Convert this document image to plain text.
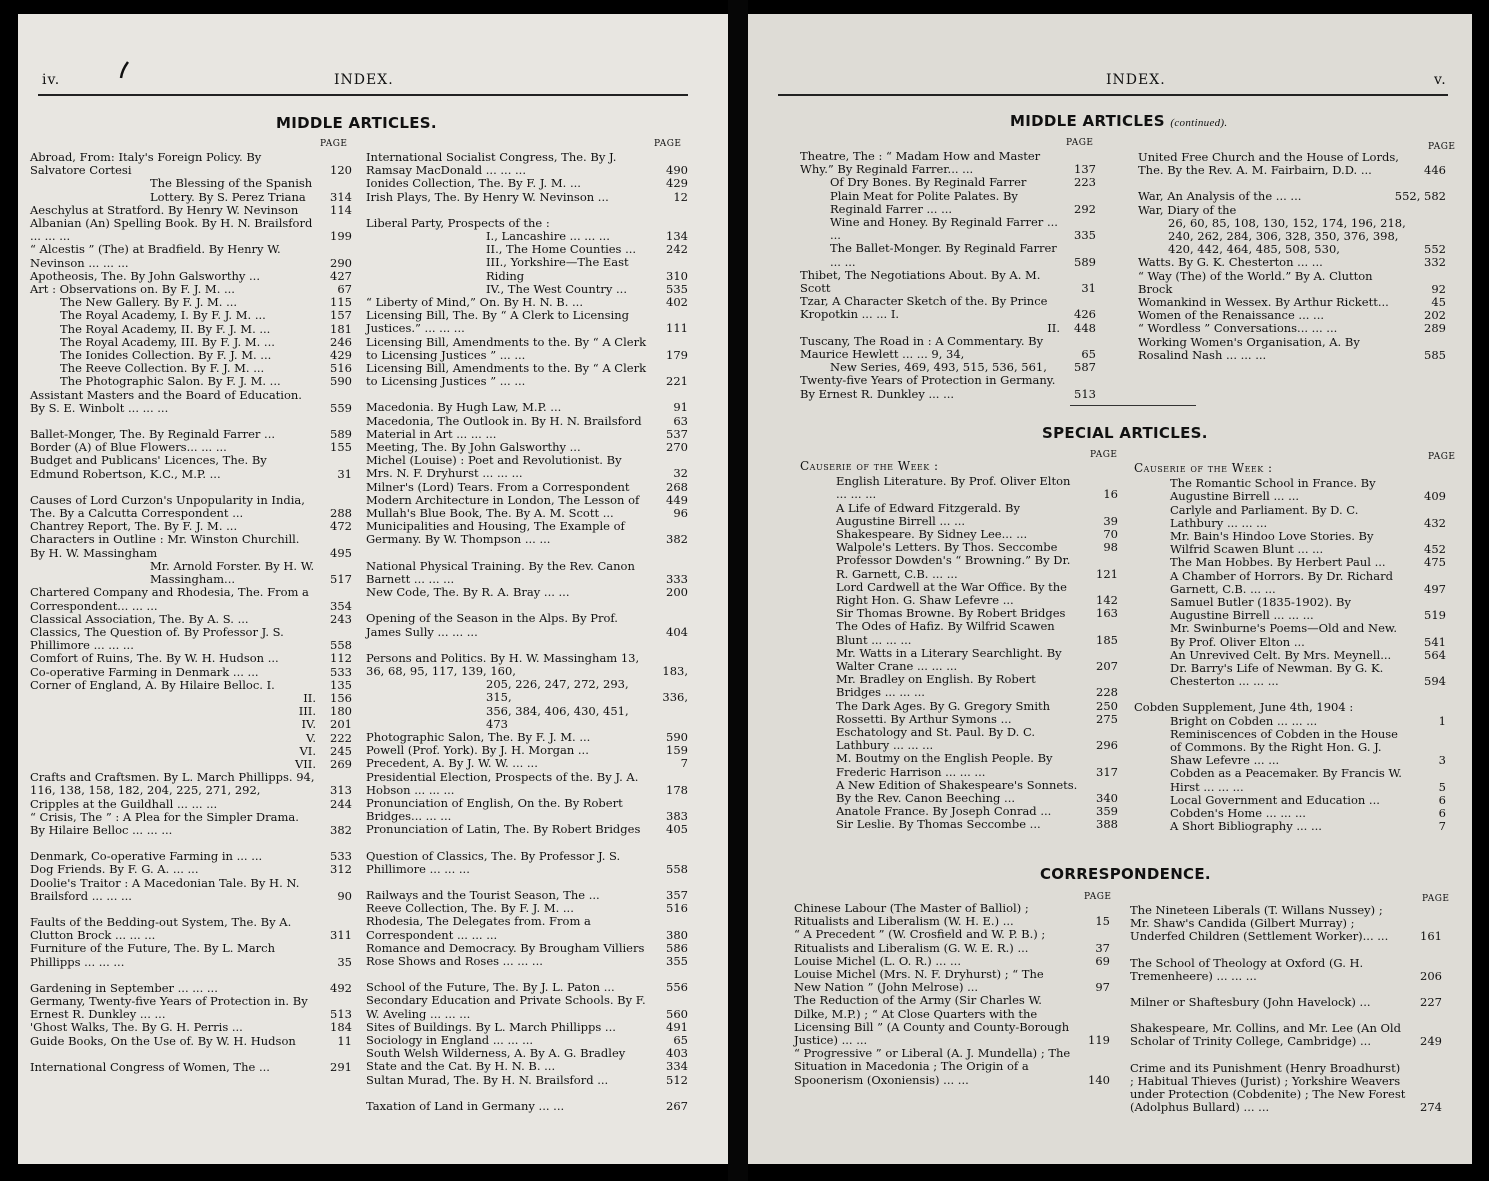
iv.	INDEX.
MIDDLE ARTICLES.
PAGE	PAGE
Abroad, From: Italy's Foreign Policy. By Salvatore Cortesi	120
The Blessing of the Spanish Lottery. By S. Perez Triana	314
Aeschylus at Stratford. By Henry W. Nevinson	114
Albanian (An) Spelling Book. By H. N. Brailsford ... ... ...	199
“ Alcestis ” (The) at Bradfield. By Henry W. Nevinson ... ... ...	290
Apotheosis, The. By John Galsworthy ...	427
Art : Observations on. By F. J. M. ...	67
The New Gallery. By F. J. M. ...	115
The Royal Academy, I. By F. J. M. ...	157
The Royal Academy, II. By F. J. M. ...	181
The Royal Academy, III. By F. J. M. ...	246
The Ionides Collection. By F. J. M. ...	429
The Reeve Collection. By F. J. M. ...	516
The Photographic Salon. By F. J. M. ...	590
Assistant Masters and the Board of Education. By S. E. Winbolt ... ... ...	559
Ballet-Monger, The. By Reginald Farrer ...	589
Border (A) of Blue Flowers... ... ...	155
Budget and Publicans' Licences, The. By Edmund Robertson, K.C., M.P. ...	31
Causes of Lord Curzon's Unpopularity in India, The. By a Calcutta Correspondent ...	288
Chantrey Report, The. By F. J. M. ...	472
Characters in Outline : Mr. Winston Churchill. By H. W. Massingham	495
Mr. Arnold Forster. By H. W. Massingham...	517
Chartered Company and Rhodesia, The. From a Correspondent... ... ...	354
Classical Association, The. By A. S. ...	243
Classics, The Question of. By Professor J. S. Phillimore ... ... ...	558
Comfort of Ruins, The. By W. H. Hudson ...	112
Co-operative Farming in Denmark ... ...	533
Corner of England, A. By Hilaire Belloc. I.	135
II.	156
III.	180
IV.	201
V.	222
VI.	245
VII.	269
Crafts and Craftsmen. By L. March Phillipps. 94, 116, 138, 158, 182, 204, 225, 271, 292,	313
Cripples at the Guildhall ... ... ...	244
“ Crisis, The ” : A Plea for the Simpler Drama. By Hilaire Belloc ... ... ...	382
Denmark, Co-operative Farming in ... ...	533
Dog Friends. By F. G. A. ... ...	312
Doolie's Traitor : A Macedonian Tale. By H. N. Brailsford ... ... ...	90
Faults of the Bedding-out System, The. By A. Clutton Brock ... ... ...	311
Furniture of the Future, The. By L. March Phillipps ... ... ...	35
Gardening in September ... ... ...	492
Germany, Twenty-five Years of Protection in. By Ernest R. Dunkley ... ...	513
'Ghost Walks, The. By G. H. Perris ...	184
Guide Books, On the Use of. By W. H. Hudson	11
International Congress of Women, The ...	291
International Socialist Congress, The. By J. Ramsay MacDonald ... ... ...	490
Ionides Collection, The. By F. J. M. ...	429
Irish Plays, The. By Henry W. Nevinson ...	12
Liberal Party, Prospects of the :
I., Lancashire ... ... ...	134
II., The Home Counties ...	242
III., Yorkshire—The East Riding	310
IV., The West Country ...	535
“ Liberty of Mind,” On. By H. N. B. ...	402
Licensing Bill, The. By “ A Clerk to Licensing Justices.” ... ... ...	111
Licensing Bill, Amendments to the. By “ A Clerk to Licensing Justices ” ... ...	179
Licensing Bill, Amendments to the. By “ A Clerk to Licensing Justices ” ... ...	221
Macedonia. By Hugh Law, M.P. ...	91
Macedonia, The Outlook in. By H. N. Brailsford	63
Material in Art ... ... ...	537
Meeting, The. By John Galsworthy ...	270
Michel (Louise) : Poet and Revolutionist. By Mrs. N. F. Dryhurst ... ... ...	32
Milner's (Lord) Tears. From a Correspondent	268
Modern Architecture in London, The Lesson of	449
Mullah's Blue Book, The. By A. M. Scott ...	96
Municipalities and Housing, The Example of Germany. By W. Thompson ... ...	382
National Physical Training. By the Rev. Canon Barnett ... ... ...	333
New Code, The. By R. A. Bray ... ...	200
Opening of the Season in the Alps. By Prof. James Sully ... ... ...	404
Persons and Politics. By H. W. Massingham 13, 36, 68, 95, 117, 139, 160,	183,
205, 226, 247, 272, 293, 315,	336,
356, 384, 406, 430, 451, 473
Photographic Salon, The. By F. J. M. ...	590
Powell (Prof. York). By J. H. Morgan ...	159
Precedent, A. By J. W. W. ... ...	7
Presidential Election, Prospects of the. By J. A. Hobson ... ... ...	178
Pronunciation of English, On the. By Robert Bridges... ... ...	383
Pronunciation of Latin, The. By Robert Bridges	405
Question of Classics, The. By Professor J. S. Phillimore ... ... ...	558
Railways and the Tourist Season, The ...	357
Reeve Collection, The. By F. J. M. ...	516
Rhodesia, The Delegates from. From a Correspondent ... ... ...	380
Romance and Democracy. By Brougham Villiers	586
Rose Shows and Roses ... ... ...	355
School of the Future, The. By J. L. Paton ...	556
Secondary Education and Private Schools. By F. W. Aveling ... ... ...	560
Sites of Buildings. By L. March Phillipps ...	491
Sociology in England ... ... ...	65
South Welsh Wilderness, A. By A. G. Bradley	403
State and the Cat. By H. N. B. ...	334
Sultan Murad, The. By H. N. Brailsford ...	512
Taxation of Land in Germany ... ...	267
INDEX.	v.
MIDDLE ARTICLES (continued).
PAGE	PAGE
Theatre, The : “ Madam How and Master Why.” By Reginald Farrer... ...	137
Of Dry Bones. By Reginald Farrer	223
Plain Meat for Polite Palates. By Reginald Farrer ... ...	292
Wine and Honey. By Reginald Farrer ... ...	335
The Ballet-Monger. By Reginald Farrer ... ...	589
Thibet, The Negotiations About. By A. M. Scott	31
Tzar, A Character Sketch of the. By Prince Kropotkin ... ... I.	426
II.	448
Tuscany, The Road in : A Commentary. By Maurice Hewlett ... ... 9, 34,	65
New Series, 469, 493, 515, 536, 561,	587
Twenty-five Years of Protection in Germany. By Ernest R. Dunkley ... ...	513
United Free Church and the House of Lords, The. By the Rev. A. M. Fairbairn, D.D. ...	446
War, An Analysis of the ... ...	552, 582
War, Diary of the
26, 60, 85, 108, 130, 152, 174, 196, 218, 240, 262, 284, 306, 328, 350, 376, 398, 420, 442, 464, 485, 508, 530,	552
Watts. By G. K. Chesterton ... ...	332
“ Way (The) of the World.” By A. Clutton Brock	92
Womankind in Wessex. By Arthur Rickett...	45
Women of the Renaissance ... ...	202
“ Wordless ” Conversations... ... ...	289
Working Women's Organisation, A. By Rosalind Nash ... ... ...	585
SPECIAL ARTICLES.
PAGE	PAGE
Causerie of the Week :
English Literature. By Prof. Oliver Elton ... ... ...	16
A Life of Edward Fitzgerald. By Augustine Birrell ... ...	39
Shakespeare. By Sidney Lee... ...	70
Walpole's Letters. By Thos. Seccombe	98
Professor Dowden's “ Browning.” By Dr. R. Garnett, C.B. ... ...	121
Lord Cardwell at the War Office. By the Right Hon. G. Shaw Lefevre ...	142
Sir Thomas Browne. By Robert Bridges	163
The Odes of Hafiz. By Wilfrid Scawen Blunt ... ... ...	185
Mr. Watts in a Literary Searchlight. By Walter Crane ... ... ...	207
Mr. Bradley on English. By Robert Bridges ... ... ...	228
The Dark Ages. By G. Gregory Smith	250
Rossetti. By Arthur Symons ...	275
Eschatology and St. Paul. By D. C. Lathbury ... ... ...	296
M. Boutmy on the English People. By Frederic Harrison ... ... ...	317
A New Edition of Shakespeare's Sonnets. By the Rev. Canon Beeching ...	340
Anatole France. By Joseph Conrad ...	359
Sir Leslie. By Thomas Seccombe ...	388
Causerie of the Week :
The Romantic School in France. By Augustine Birrell ... ...	409
Carlyle and Parliament. By D. C. Lathbury ... ... ...	432
Mr. Bain's Hindoo Love Stories. By Wilfrid Scawen Blunt ... ...	452
The Man Hobbes. By Herbert Paul ...	475
A Chamber of Horrors. By Dr. Richard Garnett, C.B. ... ...	497
Samuel Butler (1835-1902). By Augustine Birrell ... ... ...	519
Mr. Swinburne's Poems—Old and New. By Prof. Oliver Elton ...	541
An Unrevived Celt. By Mrs. Meynell...	564
Dr. Barry's Life of Newman. By G. K. Chesterton ... ... ...	594
Cobden Supplement, June 4th, 1904 :
Bright on Cobden ... ... ...	1
Reminiscences of Cobden in the House of Commons. By the Right Hon. G. J. Shaw Lefevre ... ...	3
Cobden as a Peacemaker. By Francis W. Hirst ... ... ...	5
Local Government and Education ...	6
Cobden's Home ... ... ...	6
A Short Bibliography ... ...	7
CORRESPONDENCE.
PAGE	PAGE
Chinese Labour (The Master of Balliol) ; Ritualists and Liberalism (W. H. E.) ...	15
“ A Precedent ” (W. Crosfield and W. P. B.) ; Ritualists and Liberalism (G. W. E. R.) ...	37
Louise Michel (L. O. R.) ... ...	69
Louise Michel (Mrs. N. F. Dryhurst) ; “ The New Nation ” (John Melrose) ...	97
The Reduction of the Army (Sir Charles W. Dilke, M.P.) ; “ At Close Quarters with the Licensing Bill ” (A County and County-Borough Justice) ... ...	119
“ Progressive ” or Liberal (A. J. Mundella) ; The Situation in Macedonia ; The Origin of a Spoonerism (Oxoniensis) ... ...	140
The Nineteen Liberals (T. Willans Nussey) ; Mr. Shaw's Candida (Gilbert Murray) ; Underfed Children (Settlement Worker)... ...	161
The School of Theology at Oxford (G. H. Tremenheere) ... ... ...	206
Milner or Shaftesbury (John Havelock) ...	227
Shakespeare, Mr. Collins, and Mr. Lee (An Old Scholar of Trinity College, Cambridge) ...	249
Crime and its Punishment (Henry Broadhurst) ; Habitual Thieves (Jurist) ; Yorkshire Weavers under Protection (Cobdenite) ; The New Forest (Adolphus Bullard) ... ...	274
